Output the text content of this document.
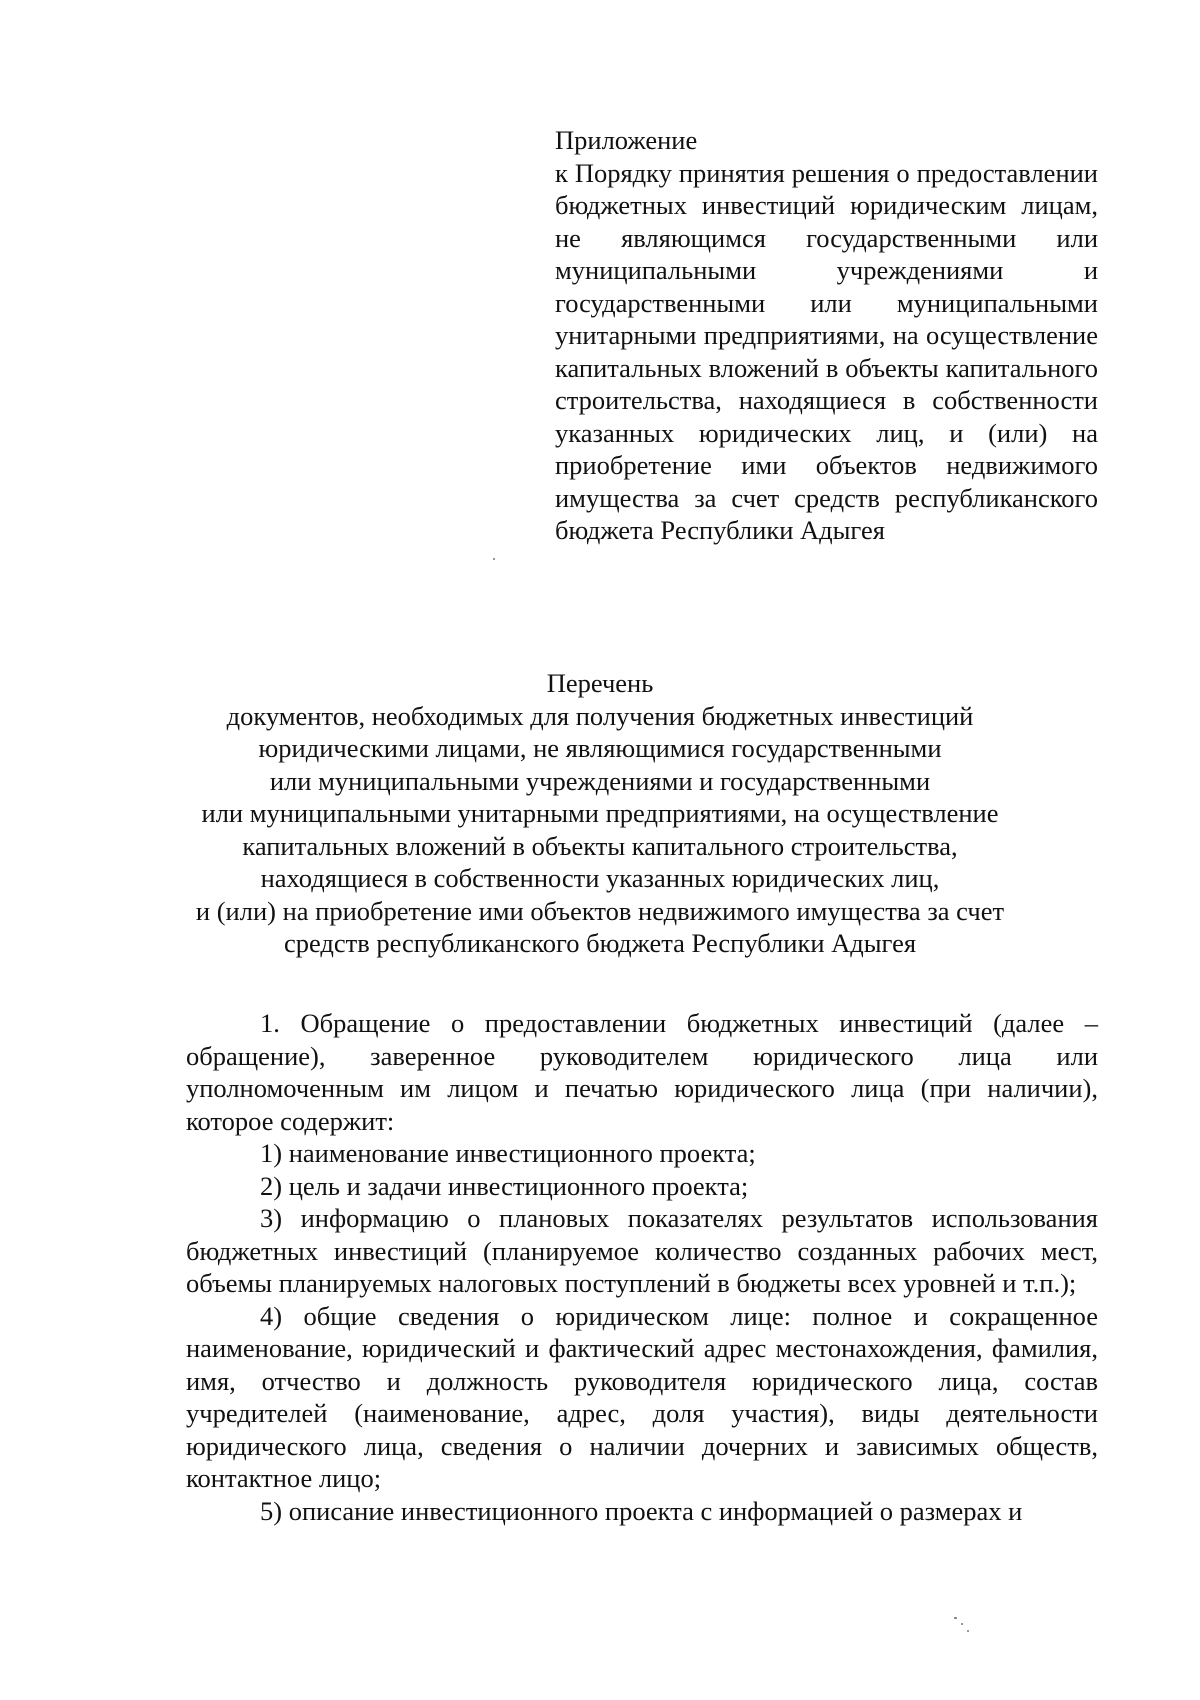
Приложение
к Порядку принятия решения о предоставлении бюджетных инвестиций юридическим лицам, не являющимся государственными или муниципальными учреждениями и государственными или муниципальными унитарными предприятиями, на осуществление капитальных вложений в объекты капитального строительства, находящиеся в собственности указанных юридических лиц, и (или) на приобретение ими объектов недвижимого имущества за счет средств республиканского бюджета Республики Адыгея
Перечень
документов, необходимых для получения бюджетных инвестиций
юридическими лицами, не являющимися государственными
или муниципальными учреждениями и государственными
или муниципальными унитарными предприятиями, на осуществление
капитальных вложений в объекты капитального строительства,
находящиеся в собственности указанных юридических лиц,
и (или) на приобретение ими объектов недвижимого имущества за счет
средств республиканского бюджета Республики Адыгея

1. Обращение о предоставлении бюджетных инвестиций (далее – обращение), заверенное руководителем юридического лица или уполномоченным им лицом и печатью юридического лица (при наличии), которое содержит:

1) наименование инвестиционного проекта;

2) цель и задачи инвестиционного проекта;

3) информацию о плановых показателях результатов использования бюджетных инвестиций (планируемое количество созданных рабочих мест, объемы планируемых налоговых поступлений в бюджеты всех уровней и т.п.);

4) общие сведения о юридическом лице: полное и сокращенное наименование, юридический и фактический адрес местонахождения, фамилия, имя, отчество и должность руководителя юридического лица, состав учредителей (наименование, адрес, доля участия), виды деятельности юридического лица, сведения о наличии дочерних и зависимых обществ, контактное лицо;

5) описание инвестиционного проекта с информацией о размерах и
